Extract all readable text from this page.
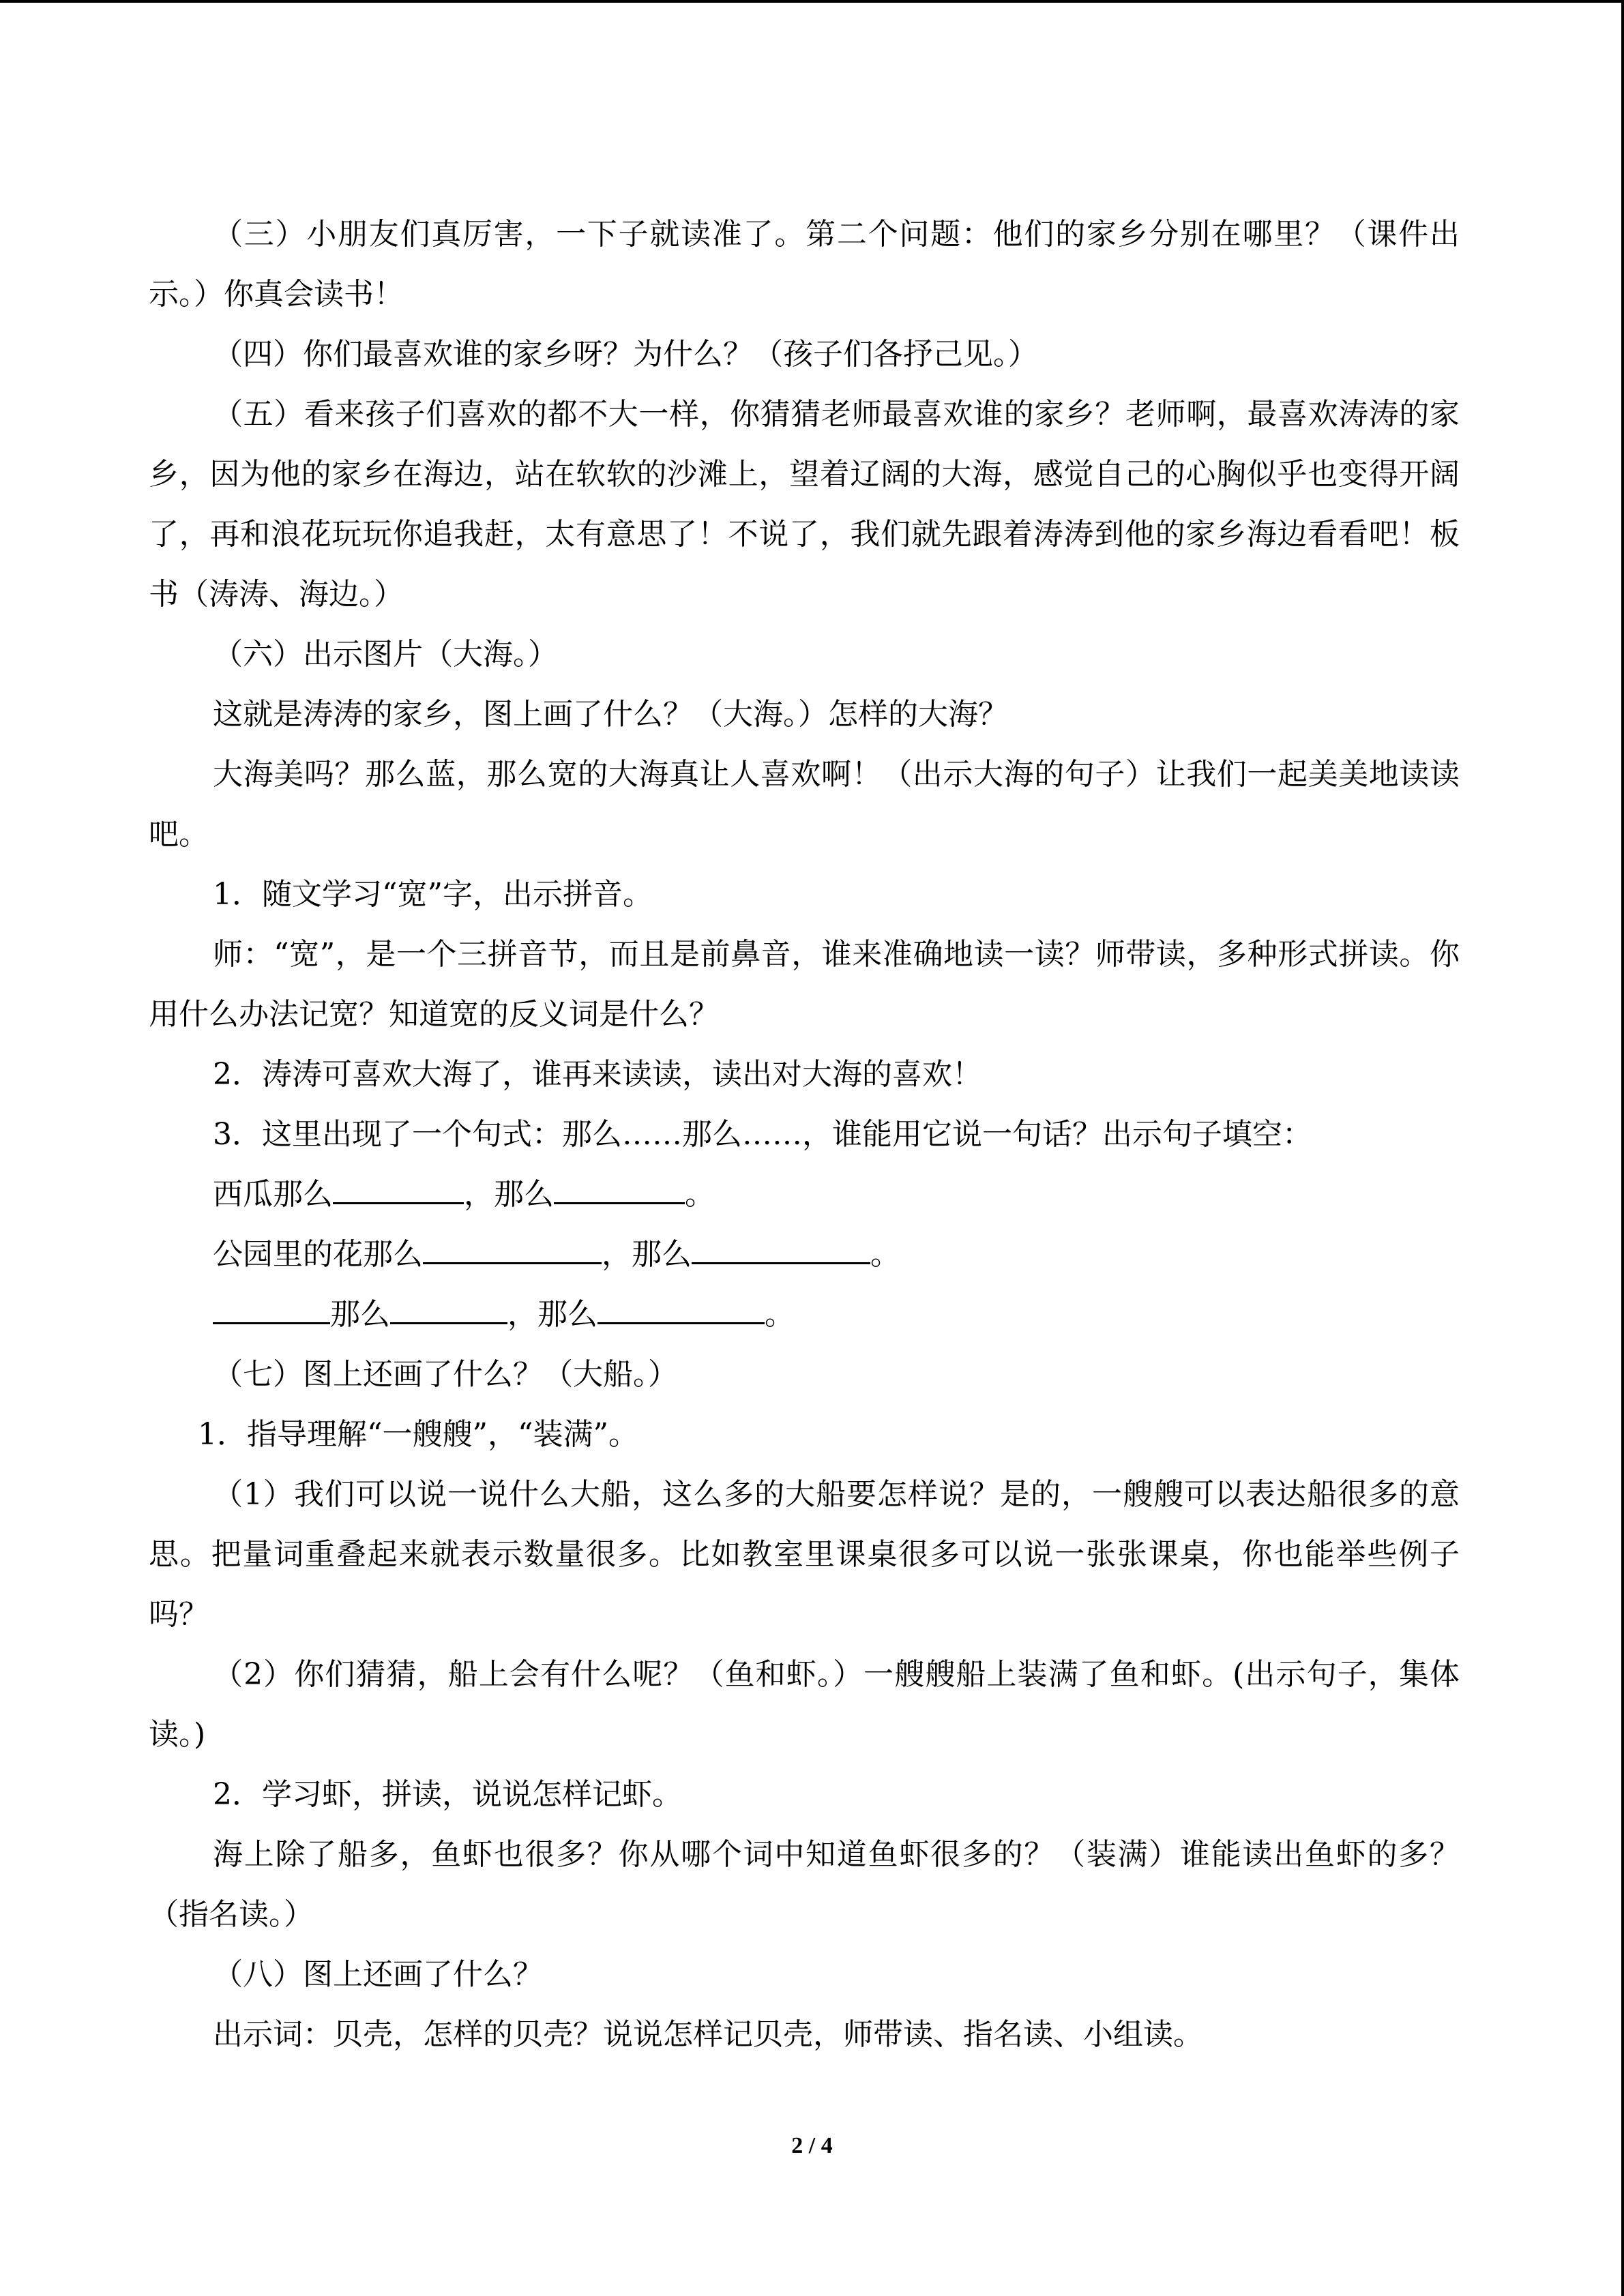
（三）小朋友们真厉害，一下子就读准了。第二个问题：他们的家乡分别在哪里？（课件出示。）你真会读书！

（四）你们最喜欢谁的家乡呀？为什么？（孩子们各抒己见。）

（五）看来孩子们喜欢的都不大一样，你猜猜老师最喜欢谁的家乡？老师啊，最喜欢涛涛的家乡，因为他的家乡在海边，站在软软的沙滩上，望着辽阔的大海，感觉自己的心胸似乎也变得开阔了，再和浪花玩玩你追我赶，太有意思了！不说了，我们就先跟着涛涛到他的家乡海边看看吧！板书（涛涛、海边。）

（六）出示图片（大海。）

这就是涛涛的家乡，图上画了什么？（大海。）怎样的大海？

大海美吗？那么蓝，那么宽的大海真让人喜欢啊！（出示大海的句子）让我们一起美美地读读吧。

1．随文学习“宽”字，出示拼音。

师：“宽”，是一个三拼音节，而且是前鼻音，谁来准确地读一读？师带读，多种形式拼读。你用什么办法记宽？知道宽的反义词是什么？

2．涛涛可喜欢大海了，谁再来读读，读出对大海的喜欢！

3．这里出现了一个句式：那么……那么……，谁能用它说一句话？出示句子填空：

西瓜那么	，那么	。

公园里的花那么	，那么	。

那么	，那么	。

（七）图上还画了什么？（大船。）

1．指导理解“一艘艘”，“装满”。

（1）我们可以说一说什么大船，这么多的大船要怎样说？是的，一艘艘可以表达船很多的意思。把量词重叠起来就表示数量很多。比如教室里课桌很多可以说一张张课桌，你也能举些例子吗？

（2）你们猜猜，船上会有什么呢？（鱼和虾。）一艘艘船上装满了鱼和虾。(出示句子，集体读。)

2．学习虾，拼读，说说怎样记虾。

海上除了船多，鱼虾也很多？你从哪个词中知道鱼虾很多的？（装满）谁能读出鱼虾的多？（指名读。）

（八）图上还画了什么？

出示词：贝壳，怎样的贝壳？说说怎样记贝壳，师带读、指名读、小组读。

2 / 4
